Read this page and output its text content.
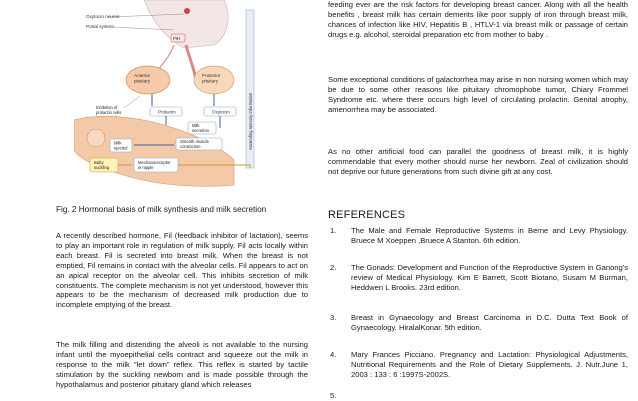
Oxytocin neuron
Portal system
PIH
Anterior pituitary
Posterior pituitary
Inhibition of prolactin cells	Prolactin	Oxytocin	Ascending sensory information
Milk secretion
Smooth muscle contraction
Milk ejected
Baby suckling
Mechanoreceptor in nipple
Fig. 2 Hormonal basis of milk synthesis and milk secretion

A recently described hormone, Fil (feedback inhibitor of lactation), seems to play an important role in regulation of milk supply. Fil acts locally within each breast. Fil is secreted into breast milk. When the breast is not emptied, Fil remains in contact with the alveolar cells. Fil appears to act on an apical receptor on the alveolar cell. This inhibits secretion of milk constituents. The complete mechanism is not yet understood, however this appears to be the mechanism of decreased milk production due to incomplete emptying of the breast.

The milk filling and distending the alveoli is not available to the nursing infant until the myoepithelial cells contract and squeeze out the milk in response to the milk "let down" reflex. This reflex is started by tactile stimulation by the suckling newborn and is made possible through the hypothalamus and posterior pituitary gland which releases

feeding ever are the risk factors for developing breast cancer. Along with all the health benefits , breast milk has certain demerits like poor supply of iron through breast milk, chances of infection like HIV, Hepatitis B , HTLV-1 via breast milk or passage of certain drugs e.g. alcohol, steroidal preparation etc from mother to baby .

Some exceptional conditions of galactorrhea may arise in non nursing women which may be due to some other reasons like pituitary chromophobe tumor, Chiary Frommel Syndrome etc. where there occurs high level of circulating prolactin. Genital atrophy, amenorrhea may be associated.

As no other artificial food can parallel the goodness of breast milk, it is highly commendable that every mother should nurse her newborn. Zeal of civilization should not deprive our future generations from such divine gift at any cost.

REFERENCES
1. The Male and Female Reproductive Systems in Berne and Levy Physiology. Bruece M Xoeppen ,Bruece A Stanton. 6th edition.
2. The Gonads: Development and Function of the Reproductive System in Ganong's review of Medical Physiology. Kim E Barrett, Scott Biotano, Susam M Burman, Heddwen L Brooks. 23rd edition.
3. Breast in Gynaecology and Breast Carcinoma in D.C. Dutta Text Book of Gynaecology. HiralalKonar. 5th edition.
4. Mary Frances Picciano. Pregnancy and Lactation: Physiological Adjustments, Nutritional Requirements and the Role of Dietary Supplements. J. Nutr.June 1, 2003 : 133 : 6 :1997S-2002S.
5.
